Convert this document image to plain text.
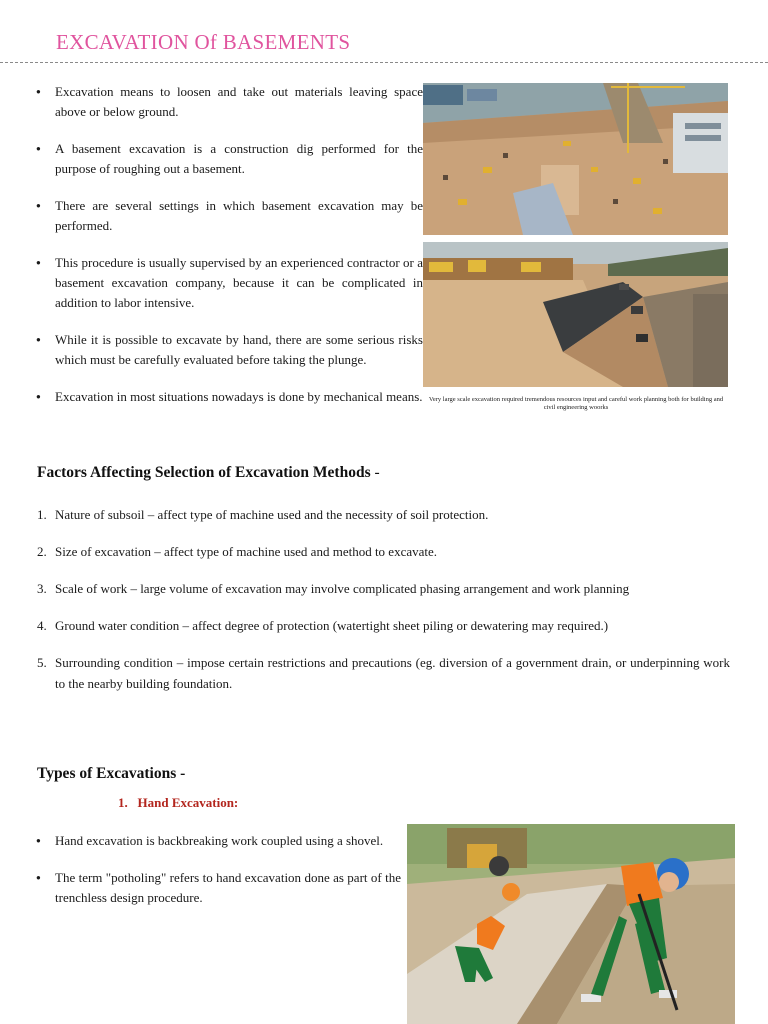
EXCAVATION Of BASEMENTS
● Excavation means to loosen and take out materials leaving space above or below ground.
● A basement excavation is a construction dig performed for the purpose of roughing out a basement.
● There are several settings in which basement excavation may be performed.
● This procedure is usually supervised by an experienced contractor or a basement excavation company, because it can be complicated in addition to labor intensive.
● While it is possible to excavate by hand, there are some serious risks which must be carefully evaluated before taking the plunge.
● Excavation in most situations nowadays is done by mechanical means. Very large scale excavation required tremendous resources input and careful work planning both for building and civil engineering woorks
Factors Affecting Selection of Excavation Methods -
1. Nature of subsoil – affect type of machine used and the necessity of soil protection.
2. Size of excavation – affect type of machine used and method to excavate.
3. Scale of work – large volume of excavation may involve complicated phasing arrangement and work planning
4. Ground water condition – affect degree of protection (watertight sheet piling or dewatering may required.)
5. Surrounding condition – impose certain restrictions and precautions (eg. diversion of a government drain, or underpinning work to the nearby building foundation.
Types of Excavations -
1.   Hand Excavation:
● Hand excavation is backbreaking work coupled using a shovel.
● The term "potholing" refers to hand excavation done as part of the trenchless design procedure.
